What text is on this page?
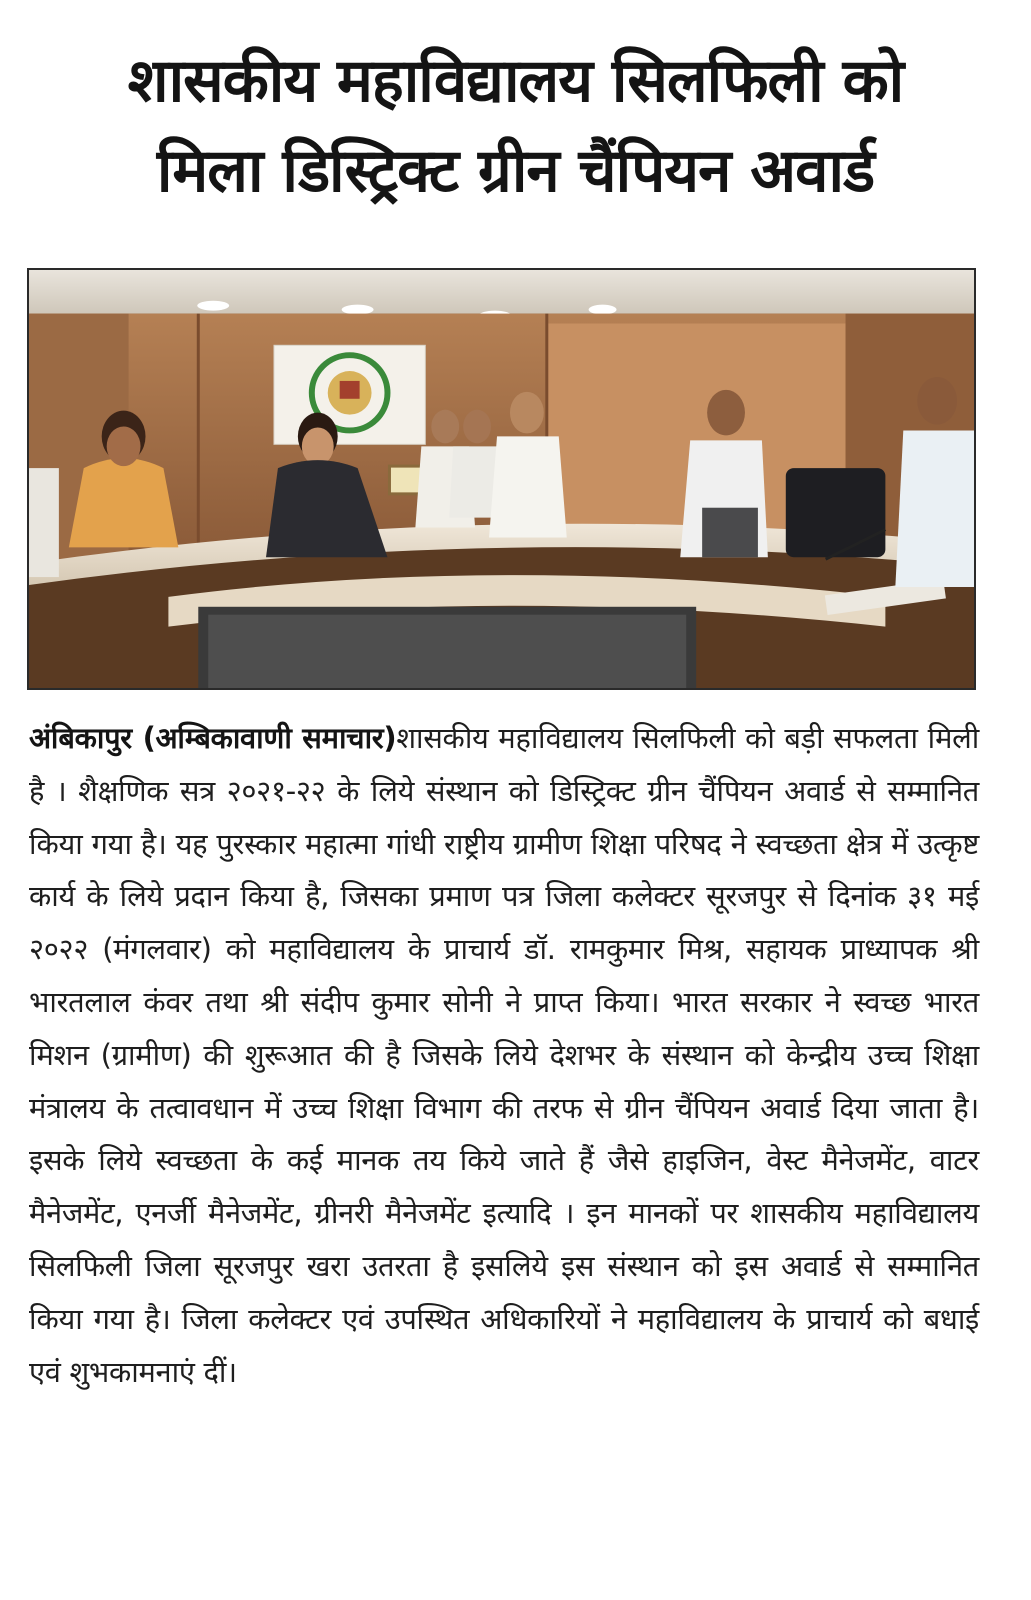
शासकीय महाविद्यालय सिलफिली को
मिला डिस्ट्रिक्ट ग्रीन चैंपियन अवार्ड
अंबिकापुर (अम्बिकावाणी समाचार)शासकीय महाविद्यालय सिलफिली को बड़ी सफलता मिली है । शैक्षणिक सत्र २०२१-२२ के लिये संस्थान को डिस्ट्रिक्ट ग्रीन चैंपियन अवार्ड से सम्मानित किया गया है। यह पुरस्कार महात्मा गांधी राष्ट्रीय ग्रामीण शिक्षा परिषद ने स्वच्छता क्षेत्र में उत्कृष्ट कार्य के लिये प्रदान किया है, जिसका प्रमाण पत्र जिला कलेक्टर सूरजपुर से दिनांक ३१ मई २०२२ (मंगलवार) को महाविद्यालय के प्राचार्य डॉ. रामकुमार मिश्र, सहायक प्राध्यापक श्री भारतलाल कंवर तथा श्री संदीप कुमार सोनी ने प्राप्त किया। भारत सरकार ने स्वच्छ भारत मिशन (ग्रामीण) की शुरूआत की है जिसके लिये देशभर के संस्थान को केन्द्रीय उच्च शिक्षा मंत्रालय के तत्वावधान में उच्च शिक्षा विभाग की तरफ से ग्रीन चैंपियन अवार्ड दिया जाता है। इसके लिये स्वच्छता के कई मानक तय किये जाते हैं जैसे हाइजिन, वेस्ट मैनेजमेंट, वाटर मैनेजमेंट, एनर्जी मैनेजमेंट, ग्रीनरी मैनेजमेंट इत्यादि । इन मानकों पर शासकीय महाविद्यालय सिलफिली जिला सूरजपुर खरा उतरता है इसलिये इस संस्थान को इस अवार्ड से सम्मानित किया गया है। जिला कलेक्टर एवं उपस्थित अधिकारियों ने महाविद्यालय के प्राचार्य को बधाई एवं शुभकामनाएं दीं।
